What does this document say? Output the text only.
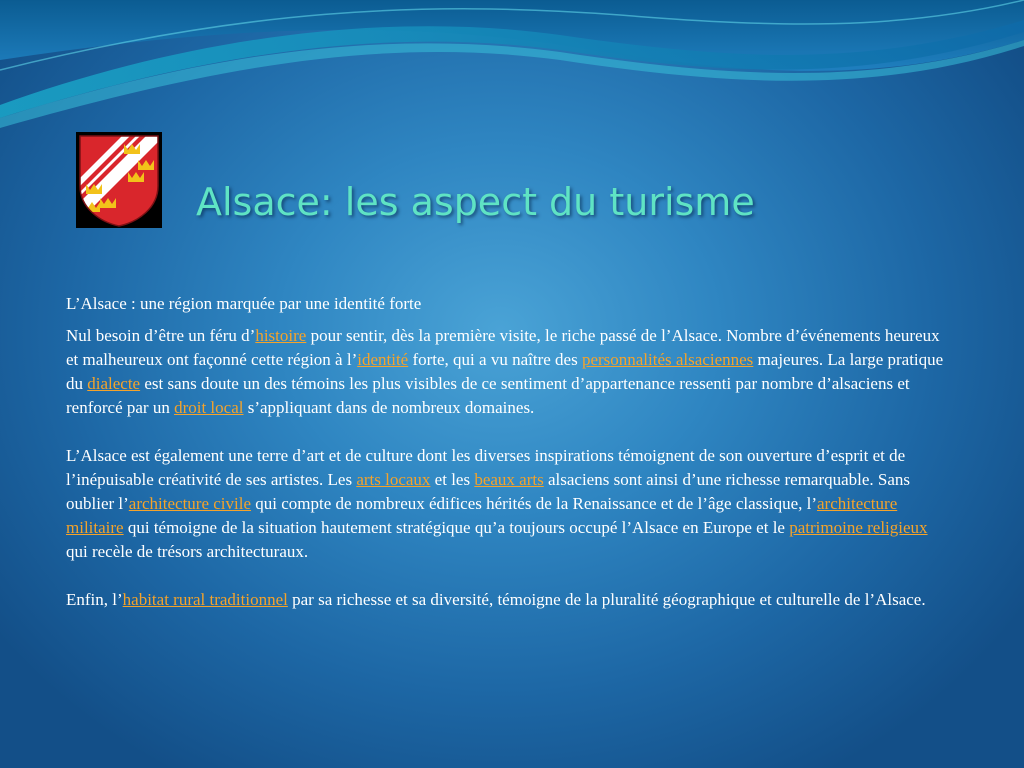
Alsace: les aspect du turisme

L’Alsace : une région marquée par une identité forte

Nul besoin d’être un féru d’histoire pour sentir, dès la première visite, le riche passé de l’Alsace. Nombre d’événements heureux et malheureux ont façonné cette région à l’identité forte, qui a vu naître des personnalités alsaciennes majeures. La large pratique du dialecte est sans doute un des témoins les plus visibles de ce sentiment d’appartenance ressenti par nombre d’alsaciens et renforcé par un droit local s’appliquant dans de nombreux domaines.

L’Alsace est également une terre d’art et de culture dont les diverses inspirations témoignent de son ouverture d’esprit et de l’inépuisable créativité de ses artistes. Les arts locaux et les beaux arts alsaciens sont ainsi d’une richesse remarquable. Sans oublier l’architecture civile qui compte de nombreux édifices hérités de la Renaissance et de l’âge classique, l’architecture militaire qui témoigne de la situation hautement stratégique qu’a toujours occupé l’Alsace en Europe et le patrimoine religieux qui recèle de trésors architecturaux.

Enfin, l’habitat rural traditionnel par sa richesse et sa diversité, témoigne de la pluralité géographique et culturelle de l’Alsace.
